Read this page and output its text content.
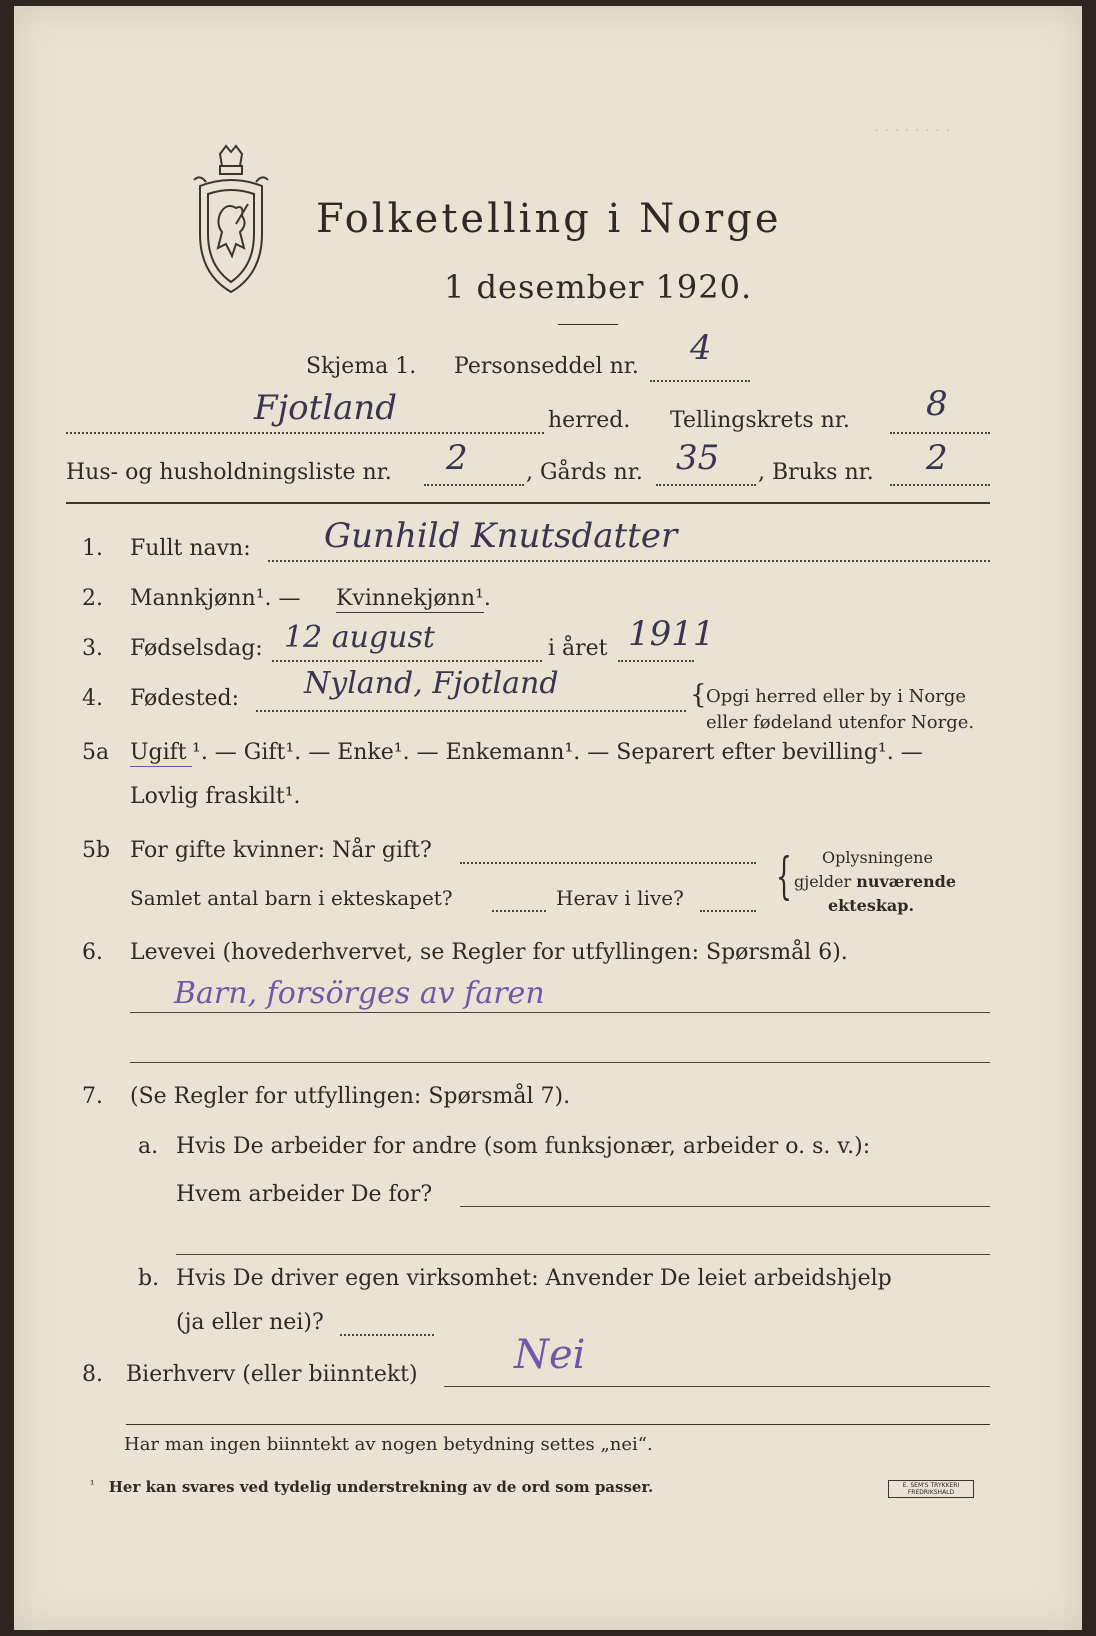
. . . . . . . .
Folketelling i Norge
1 desember 1920.
Skjema 1. Personseddel nr. 4
Fjotland	herred. Tellingskrets nr. 8
Hus- og husholdningsliste nr. 2	, Gårds nr. 35 , Bruks nr. 2
1.	Fullt navn: Gunhild Knutsdatter
2.	Mannkjønn¹. — Kvinnekjønn¹.
3.	Fødselsdag: 12 august	i året 1911
4.	Fødested: Nyland, Fjotland	{ Opgi herred eller by i Norge
eller fødeland utenfor Norge.
5a Ugift ¹. — Gift¹. — Enke¹. — Enkemann¹. — Separert efter bevilling¹. —
Lovlig fraskilt¹.
5b For gifte kvinner: Når gift?
Samlet antal barn i ekteskapet?	Herav i live? { Oplysningene
gjelder nuværende
ekteskap.
6.	Levevei (hovederhvervet, se Regler for utfyllingen: Spørsmål 6).
Barn, forsörges av faren
7.	(Se Regler for utfyllingen: Spørsmål 7).
a. Hvis De arbeider for andre (som funksjonær, arbeider o. s. v.):
Hvem arbeider De for?
b. Hvis De driver egen virksomhet: Anvender De leiet arbeidshjelp
(ja eller nei)?
8.	Bierhverv (eller biinntekt) Nei
Har man ingen biinntekt av nogen betydning settes „nei“.
$^{^1}$ Her kan svares ved tydelig understrekning av de ord som passer.	E. SEM'S TRYKKERI FREDRIKSHALD
